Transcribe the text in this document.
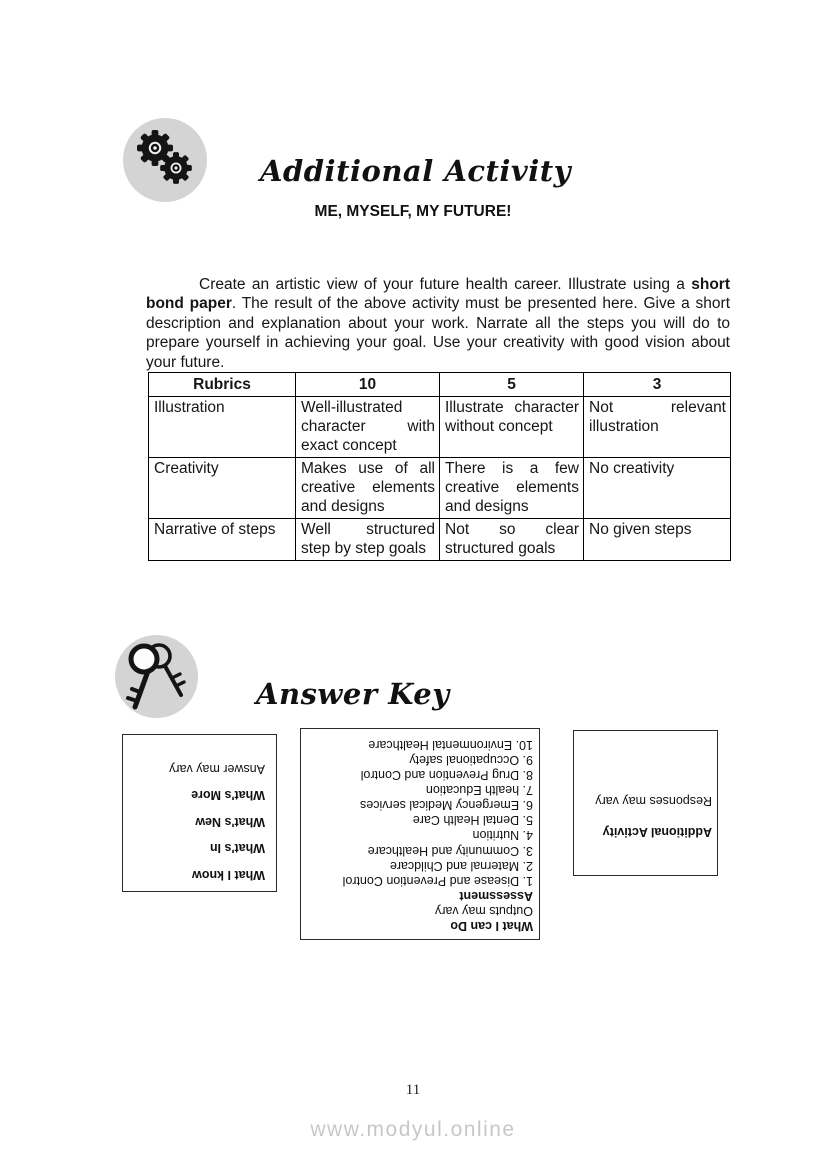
Additional Activity
ME, MYSELF, MY FUTURE!

Create an artistic view of your future health career. Illustrate using a short bond paper. The result of the above activity must be presented here. Give a short description and explanation about your work. Narrate all the steps you will do to prepare yourself in achieving your goal. Use your creativity with good vision about your future.

Rubrics	10	5	3
Illustration	Well-illustrated character with exact concept	Illustrate character without concept	Not relevant illustration
Creativity	Makes use of all creative elements and designs	There is a few creative elements and designs	No creativity
Narrative of steps	Well structured step by step goals	Not so clear structured goals	No given steps
Answer Key
What I know
What's In
What's New
What's More
Answer may vary
What I can Do
Outputs may vary
Assessment
1. Disease and Prevention Control
2. Maternal and Childcare
3. Community and Healthcare
4. Nutrition
5. Dental Health Care
6. Emergency Medical services
7. health Education
8. Drug Prevention and Control
9. Occupational safety
10. Environmental Healthcare
Additional Activity
Responses may vary
11
www.modyul.online
